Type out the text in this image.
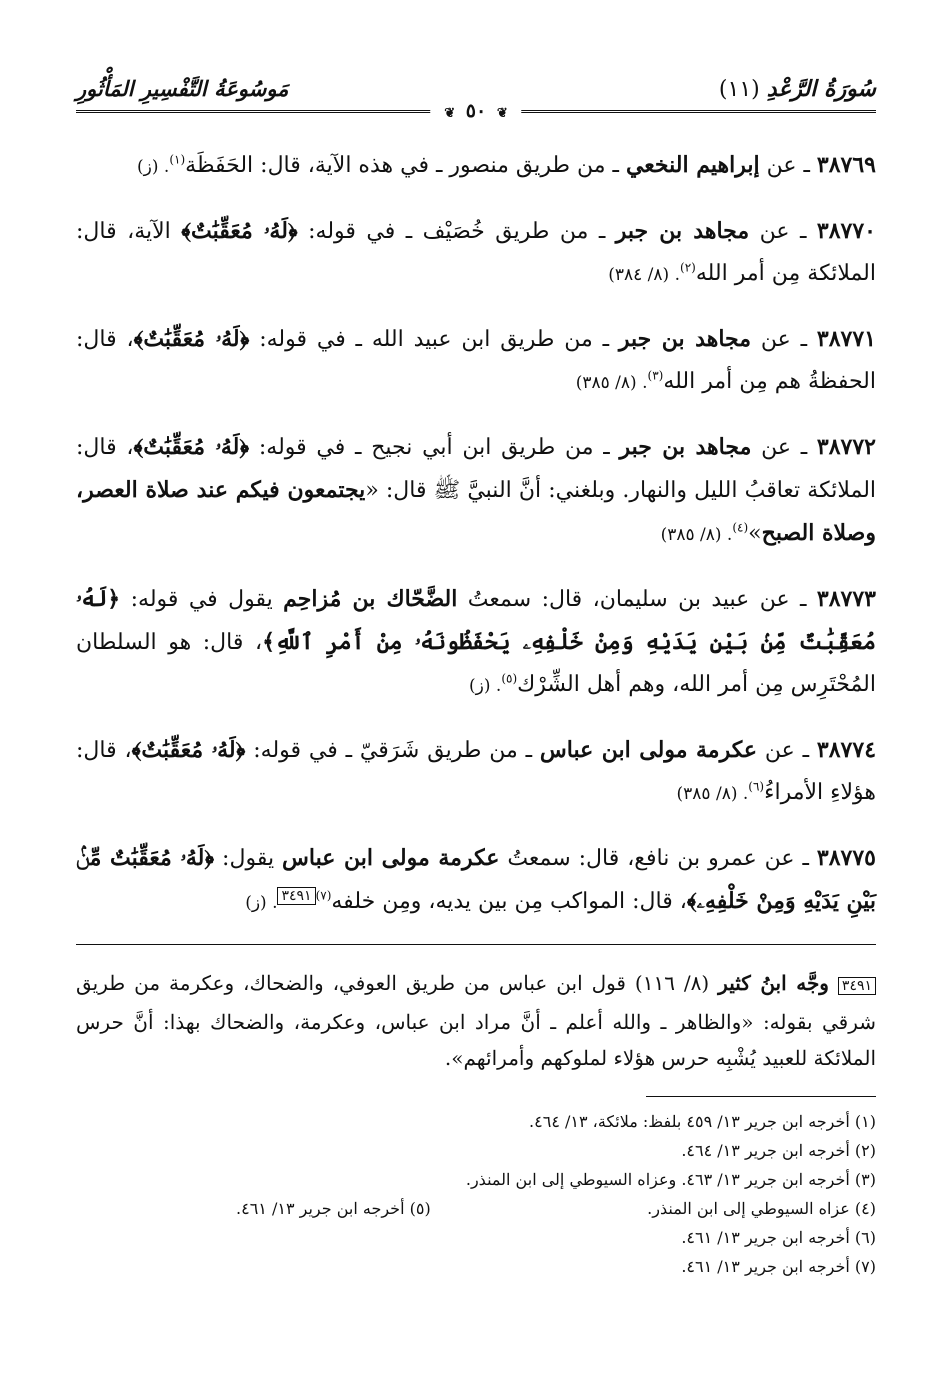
سُورَةُ الرَّعْدِ (١١)
مَوسُوعَةُ التَّفْسِيرِ المَأْثُورِ
❦ ٥٠ ❦

٣٨٧٦٩ ـ عن إبراهيم النخعي ـ من طريق منصور ـ في هذه الآية، قال: الحَفَظَة$^{(١)}$. (ز)

٣٨٧٧٠ ـ عن مجاهد بن جبر ـ من طريق خُصَيْف ـ في قوله: ﴿لَهُۥ مُعَقِّبَٰتٌ﴾ الآية، قال: الملائكة مِن أمر الله$^{(٢)}$. (٨/ ٣٨٤)

٣٨٧٧١ ـ عن مجاهد بن جبر ـ من طريق ابن عبيد الله ـ في قوله: ﴿لَهُۥ مُعَقِّبَٰتٌ﴾، قال: الحفظةُ هم مِن أمر الله$^{(٣)}$. (٨/ ٣٨٥)

٣٨٧٧٢ ـ عن مجاهد بن جبر ـ من طريق ابن أبي نجيح ـ في قوله: ﴿لَهُۥ مُعَقِّبَٰتٌ﴾، قال: الملائكة تعاقبُ الليل والنهار. وبلغني: أنَّ النبيَّ ﷺ قال: «يجتمعون فيكم عند صلاة العصر، وصلاة الصبح»$^{(٤)}$. (٨/ ٣٨٥)

٣٨٧٧٣ ـ عن عبيد بن سليمان، قال: سمعتُ الضَّحّاك بن مُزاحِم يقول في قوله: ﴿لَهُۥ مُعَقِّبَٰتٌ مِّنۢ بَيْنِ يَدَيْهِ وَمِنْ خَلْفِهِۦ يَحْفَظُونَهُۥ مِنْ أَمْرِ ٱللَّهِ﴾، قال: هو السلطان المُحْتَرِس مِن أمر الله، وهم أهل الشِّرْك$^{(٥)}$. (ز)

٣٨٧٧٤ ـ عن عكرمة مولى ابن عباس ـ من طريق شَرَقيّ ـ في قوله: ﴿لَهُۥ مُعَقِّبَٰتٌ﴾، قال: هؤلاءِ الأمراءُ$^{(٦)}$. (٨/ ٣٨٥)

٣٨٧٧٥ ـ عن عمرو بن نافع، قال: سمعتُ عكرمة مولى ابن عباس يقول: ﴿لَهُۥ مُعَقِّبَٰتٌ مِّنۢ بَيْنِ يَدَيْهِ وَمِنْ خَلْفِهِۦ﴾، قال: المواكب مِن بين يديه، ومِن خلفه$^{(٧)٣٤٩١}$. (ز)

٣٤٩١ وجَّه ابنُ كثير (٨/ ١١٦) قول ابن عباس من طريق العوفي، والضحاك، وعكرمة من طريق شرقي بقوله: «والظاهر ـ والله أعلم ـ أنَّ مراد ابن عباس، وعكرمة، والضحاك بهذا: أنَّ حرس الملائكة للعبيد يُشْبِه حرس هؤلاء لملوكهم وأمرائهم».

(١) أخرجه ابن جرير ١٣/ ٤٥٩ بلفظ: ملائكة، ١٣/ ٤٦٤.
(٢) أخرجه ابن جرير ١٣/ ٤٦٤.
(٣) أخرجه ابن جرير ١٣/ ٤٦٣. وعزاه السيوطي إلى ابن المنذر.
(٤) عزاه السيوطي إلى ابن المنذر.
(٥) أخرجه ابن جرير ١٣/ ٤٦١.
(٦) أخرجه ابن جرير ١٣/ ٤٦١.
(٧) أخرجه ابن جرير ١٣/ ٤٦١.
